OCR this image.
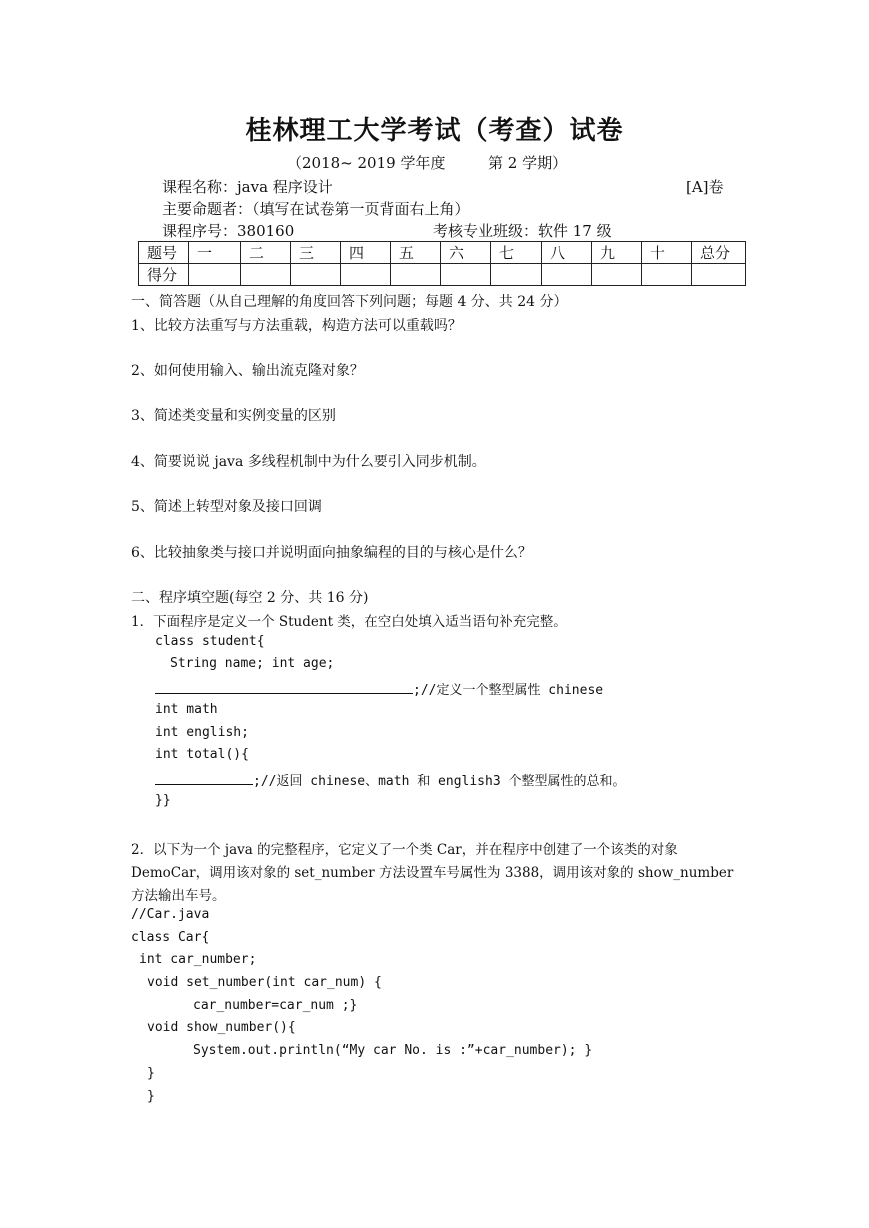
桂林理工大学考试（考查）试卷
（2018~ 2019 学年度	第 2 学期）
课程名称：java 程序设计	[A]卷
主要命题者：（填写在试卷第一页背面右上角）
课程序号：380160	考核专业班级：软件 17 级
题号	一	二	三	四	五	六	七	八	九	十	总分
得分											
一、简答题（从自己理解的角度回答下列问题；每题 4 分、共 24 分）
1、比较方法重写与方法重载，构造方法可以重载吗？
2、如何使用输入、输出流克隆对象？
3、简述类变量和实例变量的区别
4、简要说说 java 多线程机制中为什么要引入同步机制。
5、简述上转型对象及接口回调
6、比较抽象类与接口并说明面向抽象编程的目的与核心是什么？
二、程序填空题(每空 2 分、共 16 分)
1．下面程序是定义一个 Student 类，在空白处填入适当语句补充完整。
class student{
String name; int age;
;//定义一个整型属性 chinese
int math
int english;
int total(){
;//返回 chinese、math 和 english3 个整型属性的总和。
}}
2．以下为一个 java 的完整程序，它定义了一个类 Car，并在程序中创建了一个该类的对象
DemoCar，调用该对象的 set_number 方法设置车号属性为 3388，调用该对象的 show_number
方法输出车号。
//Car.java
class Car{
int car_number;
void set_number(int car_num) {
car_number=car_num ;}
void show_number(){
System.out.println(“My car No. is :”+car_number); }
}
}
